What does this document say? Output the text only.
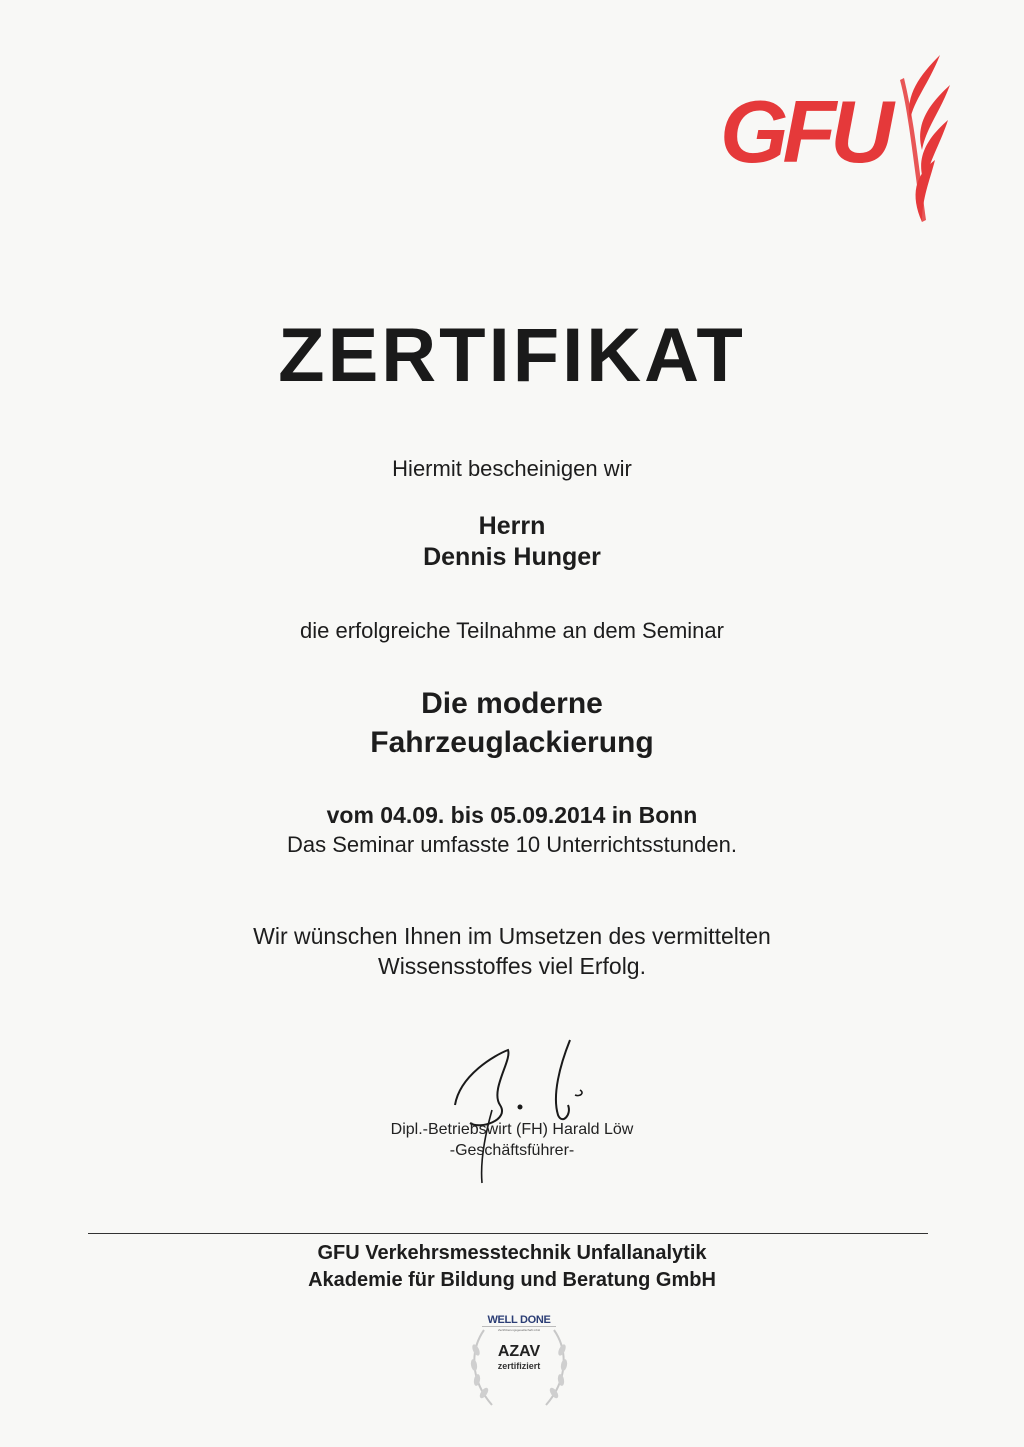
GFU
ZERTIFIKAT
Hiermit bescheinigen wir
Herrn
Dennis Hunger
die erfolgreiche Teilnahme an dem Seminar
Die moderne
Fahrzeuglackierung
vom 04.09. bis 05.09.2014 in Bonn
Das Seminar umfasste 10 Unterrichtsstunden.
Wir wünschen Ihnen im Umsetzen des vermittelten
Wissensstoffes viel Erfolg.
Dipl.-Betriebswirt (FH) Harald Löw
-Geschäftsführer-
GFU Verkehrsmesstechnik Unfallanalytik
Akademie für Bildung und Beratung GmbH
WELL DONE
Zertifizierungsgesellschaft mbH
AZAV
zertifiziert
